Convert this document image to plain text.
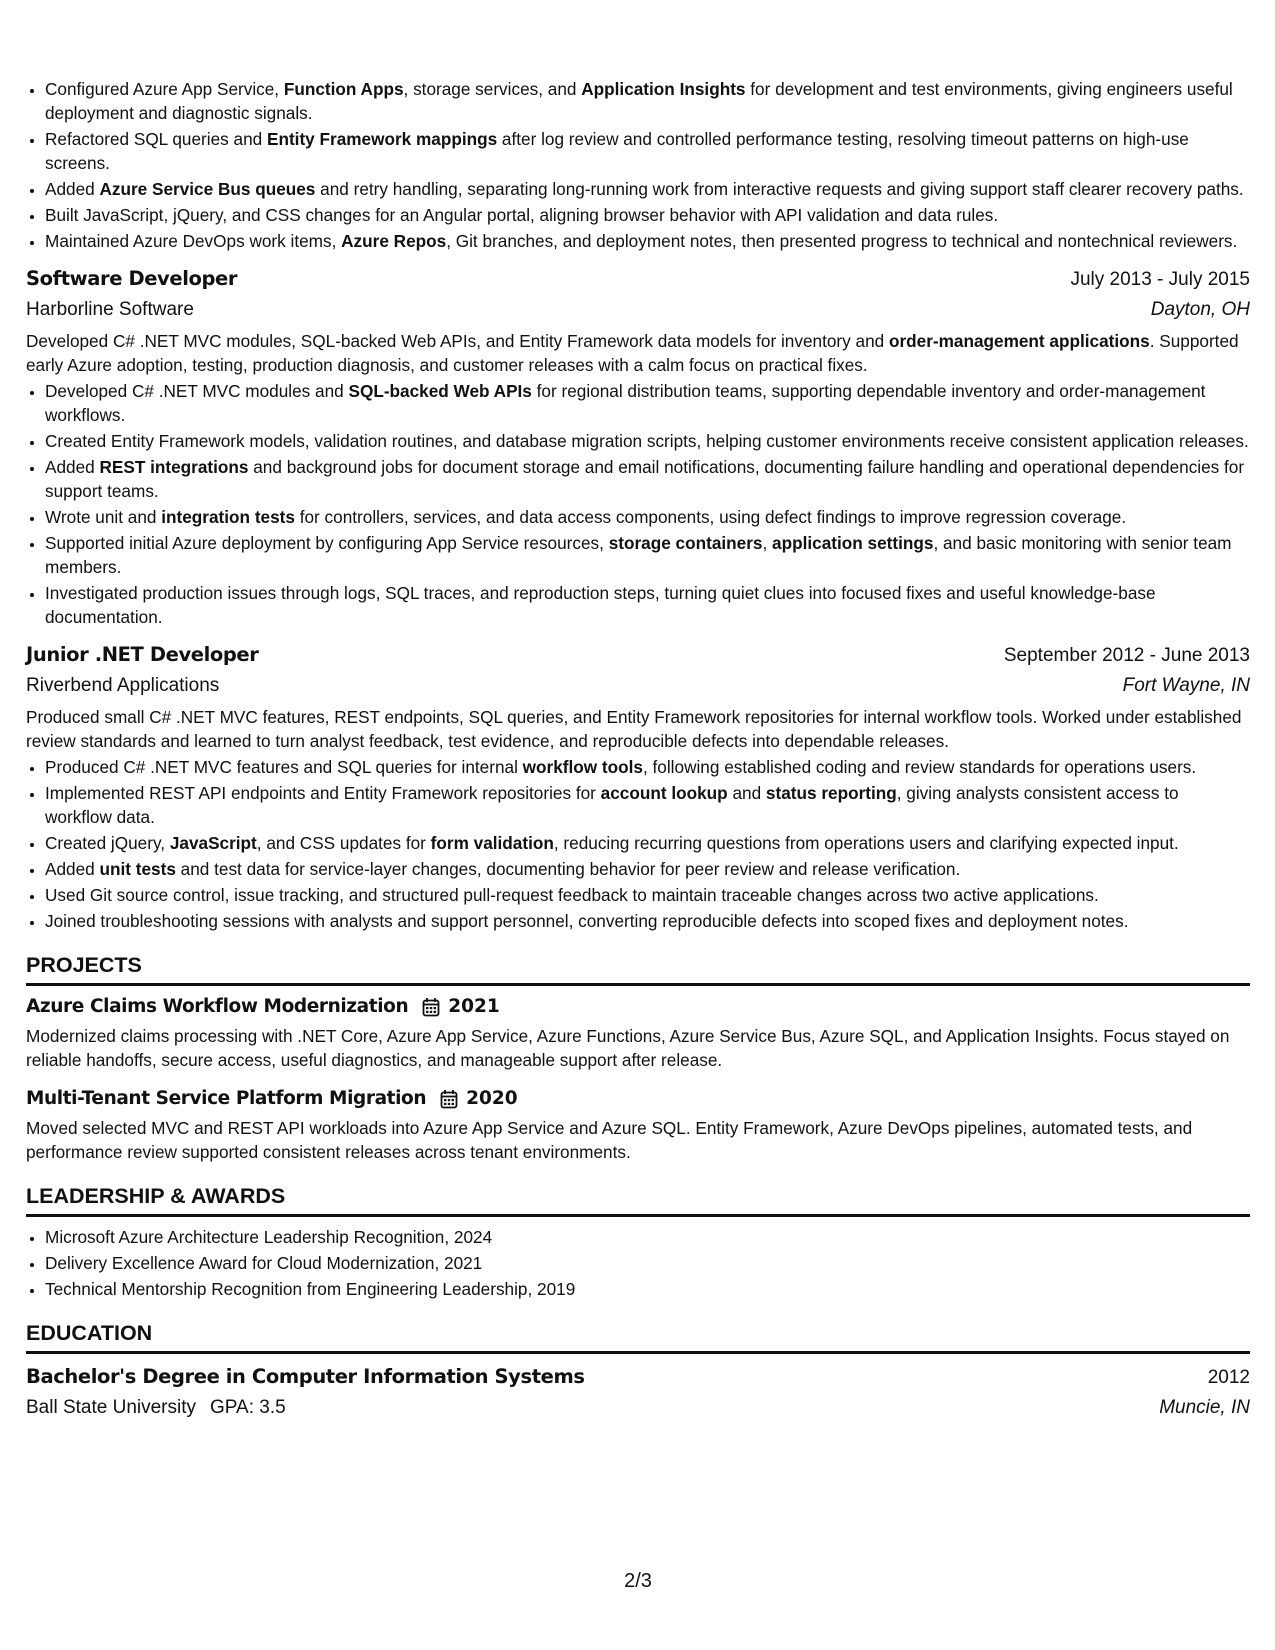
• Configured Azure App Service, Function Apps, storage services, and Application Insights for development and test environments, giving engineers useful deployment and diagnostic signals.
• Refactored SQL queries and Entity Framework mappings after log review and controlled performance testing, resolving timeout patterns on high-use screens.
• Added Azure Service Bus queues and retry handling, separating long-running work from interactive requests and giving support staff clearer recovery paths.
• Built JavaScript, jQuery, and CSS changes for an Angular portal, aligning browser behavior with API validation and data rules.
• Maintained Azure DevOps work items, Azure Repos, Git branches, and deployment notes, then presented progress to technical and nontechnical reviewers.
Software Developer	July 2013 - July 2015
Harborline Software	Dayton, OH
Developed C# .NET MVC modules, SQL-backed Web APIs, and Entity Framework data models for inventory and order-management applications. Supported early Azure adoption, testing, production diagnosis, and customer releases with a calm focus on practical fixes.
• Developed C# .NET MVC modules and SQL-backed Web APIs for regional distribution teams, supporting dependable inventory and order-management workflows.
• Created Entity Framework models, validation routines, and database migration scripts, helping customer environments receive consistent application releases.
• Added REST integrations and background jobs for document storage and email notifications, documenting failure handling and operational dependencies for support teams.
• Wrote unit and integration tests for controllers, services, and data access components, using defect findings to improve regression coverage.
• Supported initial Azure deployment by configuring App Service resources, storage containers, application settings, and basic monitoring with senior team members.
• Investigated production issues through logs, SQL traces, and reproduction steps, turning quiet clues into focused fixes and useful knowledge-base documentation.
Junior .NET Developer	September 2012 - June 2013
Riverbend Applications	Fort Wayne, IN
Produced small C# .NET MVC features, REST endpoints, SQL queries, and Entity Framework repositories for internal workflow tools. Worked under established review standards and learned to turn analyst feedback, test evidence, and reproducible defects into dependable releases.
• Produced C# .NET MVC features and SQL queries for internal workflow tools, following established coding and review standards for operations users.
• Implemented REST API endpoints and Entity Framework repositories for account lookup and status reporting, giving analysts consistent access to workflow data.
• Created jQuery, JavaScript, and CSS updates for form validation, reducing recurring questions from operations users and clarifying expected input.
• Added unit tests and test data for service-layer changes, documenting behavior for peer review and release verification.
• Used Git source control, issue tracking, and structured pull-request feedback to maintain traceable changes across two active applications.
• Joined troubleshooting sessions with analysts and support personnel, converting reproducible defects into scoped fixes and deployment notes.
PROJECTS
Azure Claims Workflow Modernization 2021
Modernized claims processing with .NET Core, Azure App Service, Azure Functions, Azure Service Bus, Azure SQL, and Application Insights. Focus stayed on reliable handoffs, secure access, useful diagnostics, and manageable support after release.
Multi-Tenant Service Platform Migration 2020
Moved selected MVC and REST API workloads into Azure App Service and Azure SQL. Entity Framework, Azure DevOps pipelines, automated tests, and performance review supported consistent releases across tenant environments.
LEADERSHIP & AWARDS
• Microsoft Azure Architecture Leadership Recognition, 2024
• Delivery Excellence Award for Cloud Modernization, 2021
• Technical Mentorship Recognition from Engineering Leadership, 2019
EDUCATION
Bachelor's Degree in Computer Information Systems	2012
Ball State University GPA: 3.5	Muncie, IN
2/3
